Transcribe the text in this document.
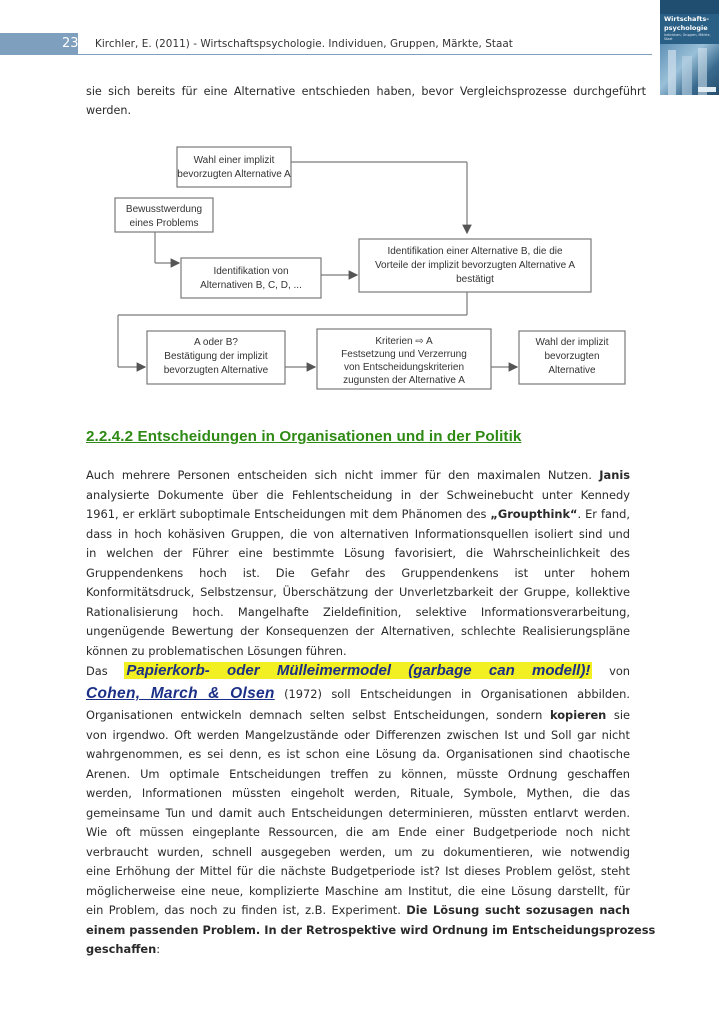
23 Kirchler, E. (2011) - Wirtschaftspsychologie. Individuen, Gruppen, Märkte, Staat
Wirtschafts-
psychologie
Individuen, Gruppen, Märkte, Staat
sie sich bereits für eine Alternative entschieden haben, bevor Vergleichsprozesse durchgeführt
werden.
Wahl einer implizit
bevorzugten Alternative A
Bewusstwerdung
eines Problems
Identifikation von
Alternativen B, C, D, ...
Identifikation einer Alternative B, die die
Vorteile der implizit bevorzugten Alternative A
bestätigt
A oder B?
Bestätigung der implizit
bevorzugten Alternative
Kriterien ⇨ A
Festsetzung und Verzerrung
von Entscheidungskriterien
zugunsten der Alternative A
Wahl der implizit
bevorzugten
Alternative
2.2.4.2 Entscheidungen in Organisationen und in der Politik
Auch mehrere Personen entscheiden sich nicht immer für den maximalen Nutzen. Janis
analysierte Dokumente über die Fehlentscheidung in der Schweinebucht unter Kennedy
1961, er erklärt suboptimale Entscheidungen mit dem Phänomen des „Groupthink“. Er fand,
dass in hoch kohäsiven Gruppen, die von alternativen Informationsquellen isoliert sind und
in welchen der Führer eine bestimmte Lösung favorisiert, die Wahrscheinlichkeit des
Gruppendenkens hoch ist. Die Gefahr des Gruppendenkens ist unter hohem
Konformitätsdruck, Selbstzensur, Überschätzung der Unverletzbarkeit der Gruppe, kollektive
Rationalisierung hoch. Mangelhafte Zieldefinition, selektive Informationsverarbeitung,
ungenügende Bewertung der Konsequenzen der Alternativen, schlechte Realisierungspläne
können zu problematischen Lösungen führen.
Das Papierkorb- oder Mülleimermodel (garbage can modell)! von
Cohen, March & Olsen (1972) soll Entscheidungen in Organisationen abbilden.
Organisationen entwickeln demnach selten selbst Entscheidungen, sondern kopieren sie
von irgendwo. Oft werden Mangelzustände oder Differenzen zwischen Ist und Soll gar nicht
wahrgenommen, es sei denn, es ist schon eine Lösung da. Organisationen sind chaotische
Arenen. Um optimale Entscheidungen treffen zu können, müsste Ordnung geschaffen
werden, Informationen müssten eingeholt werden, Rituale, Symbole, Mythen, die das
gemeinsame Tun und damit auch Entscheidungen determinieren, müssten entlarvt werden.
Wie oft müssen eingeplante Ressourcen, die am Ende einer Budgetperiode noch nicht
verbraucht wurden, schnell ausgegeben werden, um zu dokumentieren, wie notwendig
eine Erhöhung der Mittel für die nächste Budgetperiode ist? Ist dieses Problem gelöst, steht
möglicherweise eine neue, komplizierte Maschine am Institut, die eine Lösung darstellt, für
ein Problem, das noch zu finden ist, z.B. Experiment. Die Lösung sucht sozusagen nach
einem passenden Problem. In der Retrospektive wird Ordnung im Entscheidungsprozess
geschaffen:
